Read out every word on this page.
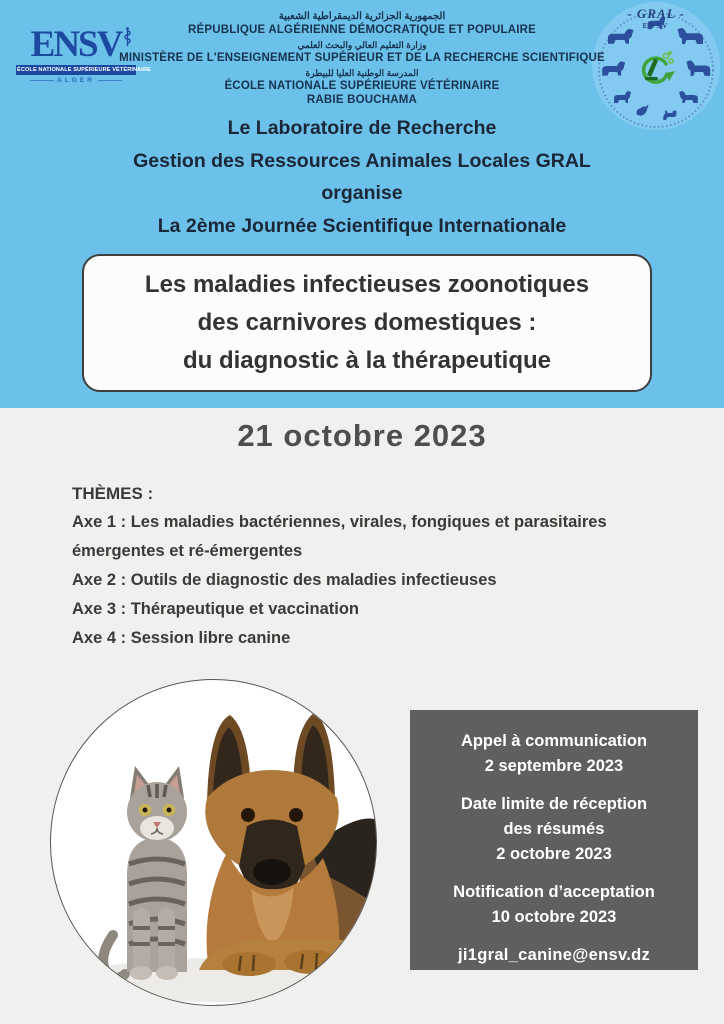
ENSV
ÉCOLE NATIONALE SUPÉRIEURE VÉTÉRINAIRE
ALGER
- GRAL -
ENSV
الجمهورية الجزائرية الديمقراطية الشعبية
RÉPUBLIQUE ALGÉRIENNE DÉMOCRATIQUE ET POPULAIRE
وزارة التعليم العالي والبحث العلمي
MINISTÈRE DE L'ENSEIGNEMENT SUPÉRIEUR ET DE LA RECHERCHE SCIENTIFIQUE
المدرسة الوطنية العليا للبيطرة
ÉCOLE NATIONALE SUPÉRIEURE VÉTÉRINAIRE
RABIE BOUCHAMA
Le Laboratoire de Recherche
Gestion des Ressources Animales Locales GRAL
organise
La 2ème Journée Scientifique Internationale
Les maladies infectieuses zoonotiques
des carnivores domestiques :
du diagnostic à la thérapeutique
21 octobre 2023
THÈMES :
Axe 1 : Les maladies bactériennes, virales, fongiques et parasitaires émergentes et ré-émergentes
Axe 2 : Outils de diagnostic des maladies infectieuses
Axe 3 : Thérapeutique et vaccination
Axe 4 : Session libre canine
Appel à communication
2 septembre 2023
Date limite de réception
des résumés
2 octobre 2023
Notification d’acceptation
10 octobre 2023
ji1gral_canine@ensv.dz
